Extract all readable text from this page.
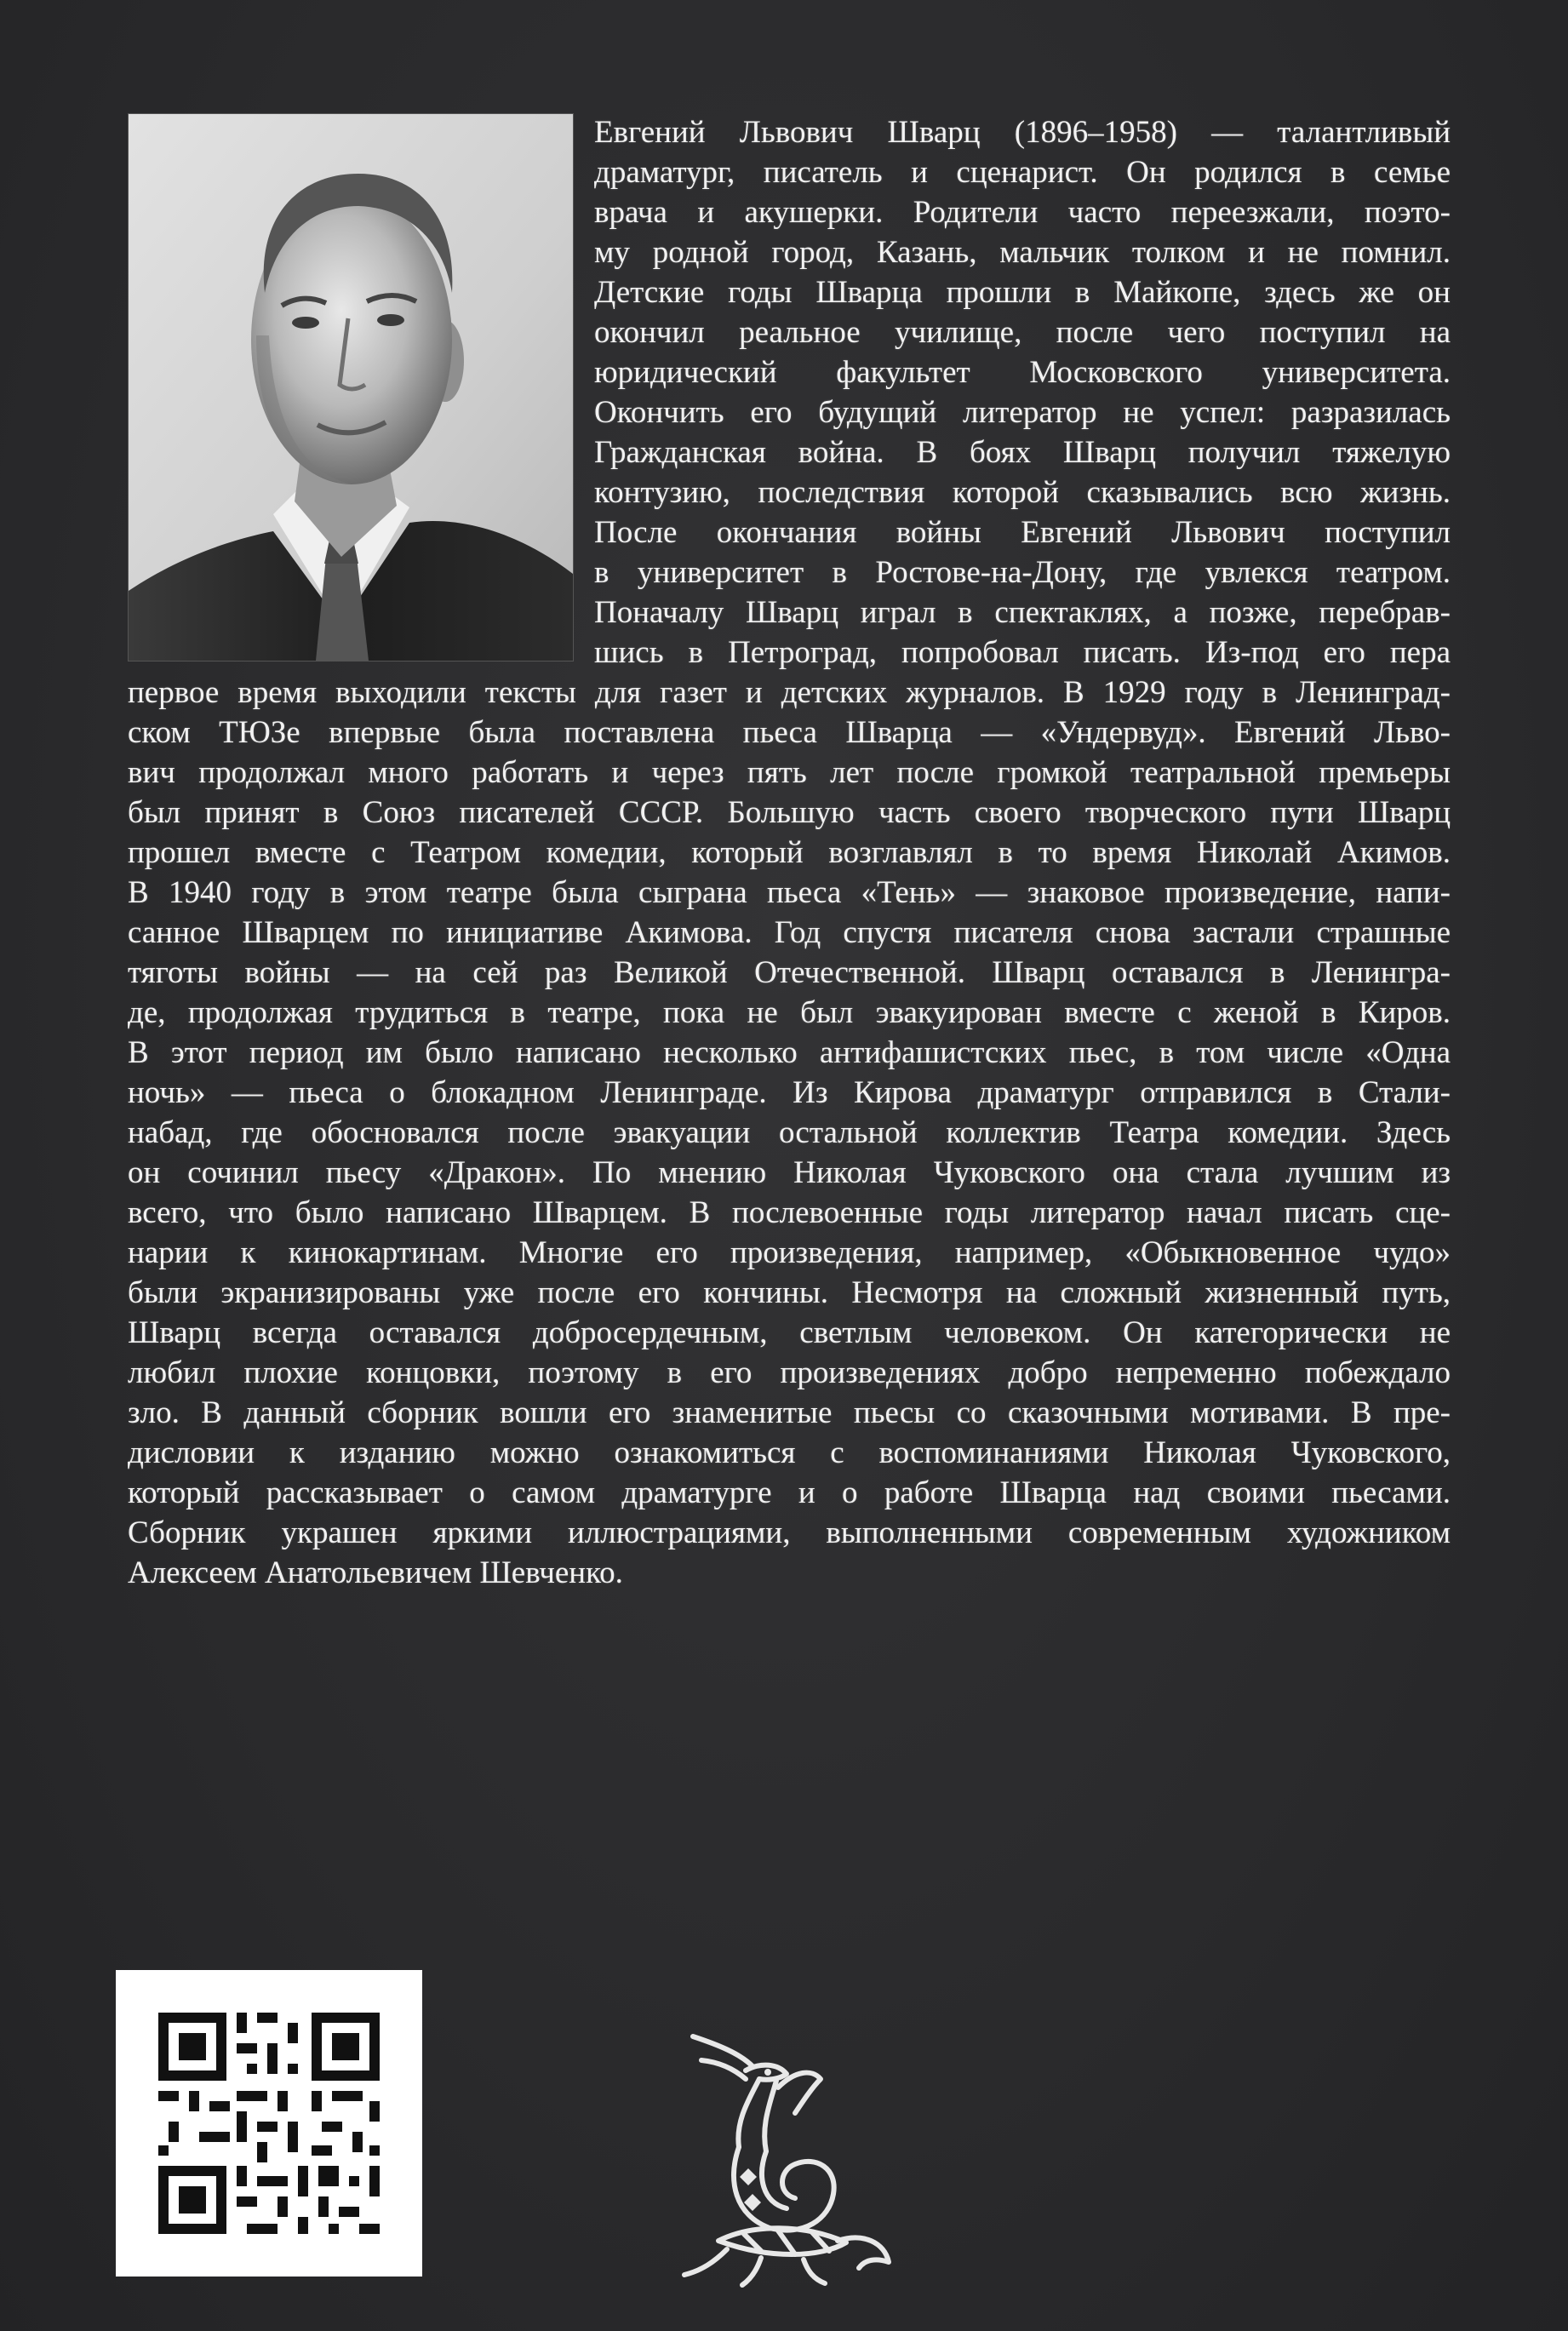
Евгений Львович Шварц (1896–1958) — талантливый
драматург, писатель и сценарист. Он родился в семье
врача и акушерки. Родители часто переезжали, поэто-
му родной город, Казань, мальчик толком и не помнил.
Детские годы Шварца прошли в Майкопе, здесь же он
окончил реальное училище, после чего поступил на
юридический факультет Московского университета.
Окончить его будущий литератор не успел: разразилась
Гражданская война. В боях Шварц получил тяжелую
контузию, последствия которой сказывались всю жизнь.
После окончания войны Евгений Львович поступил
в университет в Ростове-на-Дону, где увлекся театром.
Поначалу Шварц играл в спектаклях, а позже, перебрав-
шись в Петроград, попробовал писать. Из-под его пера
первое время выходили тексты для газет и детских журналов. В 1929 году в Ленинград-
ском ТЮЗе впервые была поставлена пьеса Шварца — «Ундервуд». Евгений Льво-
вич продолжал много работать и через пять лет после громкой театральной премьеры
был принят в Союз писателей СССР. Большую часть своего творческого пути Шварц
прошел вместе с Театром комедии, который возглавлял в то время Николай Акимов.
В 1940 году в этом театре была сыграна пьеса «Тень» — знаковое произведение, напи-
санное Шварцем по инициативе Акимова. Год спустя писателя снова застали страшные
тяготы войны — на сей раз Великой Отечественной. Шварц оставался в Ленингра-
де, продолжая трудиться в театре, пока не был эвакуирован вместе с женой в Киров.
В этот период им было написано несколько антифашистских пьес, в том числе «Одна
ночь» — пьеса о блокадном Ленинграде. Из Кирова драматург отправился в Стали-
набад, где обосновался после эвакуации остальной коллектив Театра комедии. Здесь
он сочинил пьесу «Дракон». По мнению Николая Чуковского она стала лучшим из
всего, что было написано Шварцем. В послевоенные годы литератор начал писать сце-
нарии к кинокартинам. Многие его произведения, например, «Обыкновенное чудо»
были экранизированы уже после его кончины. Несмотря на сложный жизненный путь,
Шварц всегда оставался добросердечным, светлым человеком. Он категорически не
любил плохие концовки, поэтому в его произведениях добро непременно побеждало
зло. В данный сборник вошли его знаменитые пьесы со сказочными мотивами. В пре-
дисловии к изданию можно ознакомиться с воспоминаниями Николая Чуковского,
который рассказывает о самом драматурге и о работе Шварца над своими пьесами.
Сборник украшен яркими иллюстрациями, выполненными современным художником
Алексеем Анатольевичем Шевченко.
